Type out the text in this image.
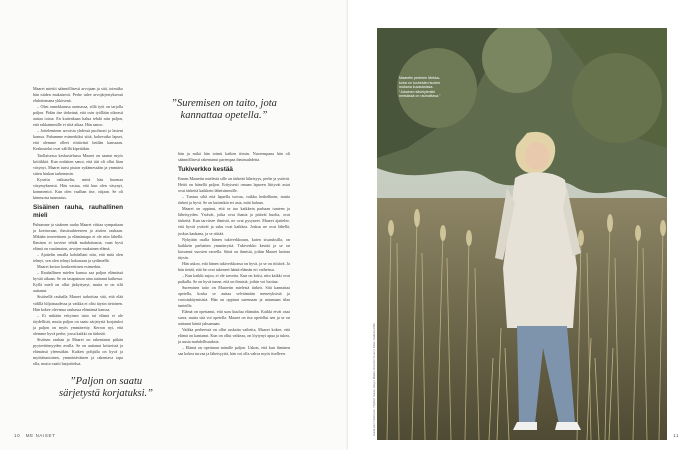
Maaret miettii säännöllisesti arvojaan ja sitä, toimiiko hän niiden mukaisesti. Perhe tulee arvojärjestyksessä ehdottomana ykkösenä.

– Olen onnekkaassa asemassa, sillä työt on tarjolla paljon. Pidän itse tärkeänä, että osin työllään oikeasti auttaa toisia. En kuitenkaan halua tehdä niin paljon, että rakkaimmille ei riitä aikaa. Hän sanoo.

– Jotteleminen arvoista yhdessä puolisoni ja lasteni kanssa. Puhumme esimerkiksi siitä, kokevatko lapset, että olemme olleet riittävästi heidän kanssaan. Keskustelut ovat välillä kipeitäkin.

Taollaisessa keskustelussa Maaret on saanut myös kritiikkiä. Kun oodaiten sanoi, että äiti oli ollut liian väsynyt, Maaret tunsi piston sydämessään ja ymmärsi sitten hiukan tarkemmin.

Kyseiin osiktaseltu, minä hän huomaa väsymyksensä. Hän vastaa, että kun olen väsynyt, kommentoi. Kun olen vaalhan itse, otijaan. Se oli kimmoisa tunnustus.

Sisäinen rauha, rauhallinen mieli

Puhumme ja sisäinen rauha Maaret viittaa sympatiaan ja koettavaan, ihmissuhteeseen ja aistien rauhaan. Mikään teoreettinen ja elämäntapa ei ole niin lähellä. Ihmisen ei tarvitse tehdä mahdottomia, vaan hyvä elämä on vaatimaton, arvojen mukainen elämä.

– Ajattelin omalla kohdallani niin, että mitä olen tehnyt, sen olen tehnyt kokonaan ja sydämellä.

Maaret kertoo konkreettisen esimerkin.

– Rauhallinen mielen kanssa saa paljon elämässä hyvää aikaan. Se on tasapainon aina auttanut kaikessa. Kyllä mieli on ollut järkyttynyt, mutta se on silti auttanut.

Sisäisellä rauhalla Maaret tarkoittaa sitä, että elää välillä hiljaisuudessa ja vaikka ei olisi täysin tietoinen. Hän kokee olevansa rauhassa elämänsä kanssa.

– Ei mikään erityinen taito tai elämä ei ole täydellistä, mutta paljon on saatu särjetystä korjatuksi ja paljon on myös ymmärretty. Kerron nyt, että olemme hyvä perhe, jossa kaikki on tärkeää.

Sisäisen rauhan ja Maaret on rakentanut pitkän pyyteettömyyden avulla. Se on auttanut kriiseissä ja elämässä yleensäkin. Kaiken pohjalla on hyvä ja myötätuntoinen, ymmärtäväinen ja rakentava tapa olla, mutta vaatii harjoittelua.

”Suremisen on taito, jota kannattaa opetella.”

hän ja mikä hän toimii kaiken tiimin. Nuorempana hän oli säännöllisesti rakentanut parempaa ihmissuhdetta.

Tukiverkko kestää

Ennen Maaretin mielestä sille on tärkeää läheisyys, perhe ja ystävät. Heitä on hänellä paljon. Erityisesti omaan lapseen liittyvät asiat ovat tärkeitä kaikkein läheisimmille.

– Tuntuu siltä että lapsella turvaa, vaikka hetkellinen, mutta tärkeä ja hyvä. Se on kuitenkin eri asia, mitä haluan.

Maaret on oppinut, että se tuo kaikkein parhaan tunteen ja läheisyyden. Ystävät, jotka ovat ihania ja pitävät huolta, ovat tärkeitä. Kun tarvitsee ihmisiä, ne ovat pysyneet. Maaret ajattelee, että hyvät ystävät ja suku ovat kaikkea. Joskus ne ovat lähellä, joskus kaukana, ja se riittää.

Nykyään osalla hänen tukiverkkoaan, kuten sisaruksilla, on kaikkein parhaiten ymmärrystä. Tukiverkko kestää ja se on kasvanut vuosien varrella. Siinä on ihmisiä, joihin Maaret luottaa täysin.

Hän uskoo, että hänen tukiverkkonsa on hyvä, ja se on riittävä. Ja hän tietää, että he ovat tukeneet häntä elämän eri vaiheissa.

– Kun kaikki sujuu, ei ole tarvetta. Kun on kriisi, niin kaikki ovat paikalla. Se on hyvä tunne, että on ihmisiä, joihin voi luottaa.

Suremisen taito on Maaretin mielestä tärkeä. Sitä kannattaa opetella, koska se auttaa selviämään menetyksistä ja vastoinkäymisistä. Hän on oppinut suremaan ja antamaan tilaa tunteille.

Elämä on opettanut, että suru kuuluu elämään. Kaikki eivät osaa surra, mutta sitä voi opetella. Maaret on itse opetellut sen ja se on auttanut häntä jaksamaan.

Vaikka perheessä on ollut raskaita vaiheita, Maaret kokee, että elämä on kantanut. Kun on ollut vaikeaa, on löytynyt apua ja tukea, ja uusia mahdollisuuksia.

– Elämä on opettanut minulle paljon. Uskon, että kun ihminen saa kokea turvaa ja läheisyyttä, hän voi olla vahva myös itselleen.

”Paljon on saatu särjetystä korjatuksi.”
10 ME NAISET	11
Maaretin perheen Mekka-koira on tuuheiden kuvien mukana kuvauksissa. ”Jokainen kävelylenkki metsässä on rauhoittava.”
Kuvat Henri Salminen / Stylisti: Susan Harju / Meikki: Anna Korhonen / Kiitos: Galleria Pöllö
